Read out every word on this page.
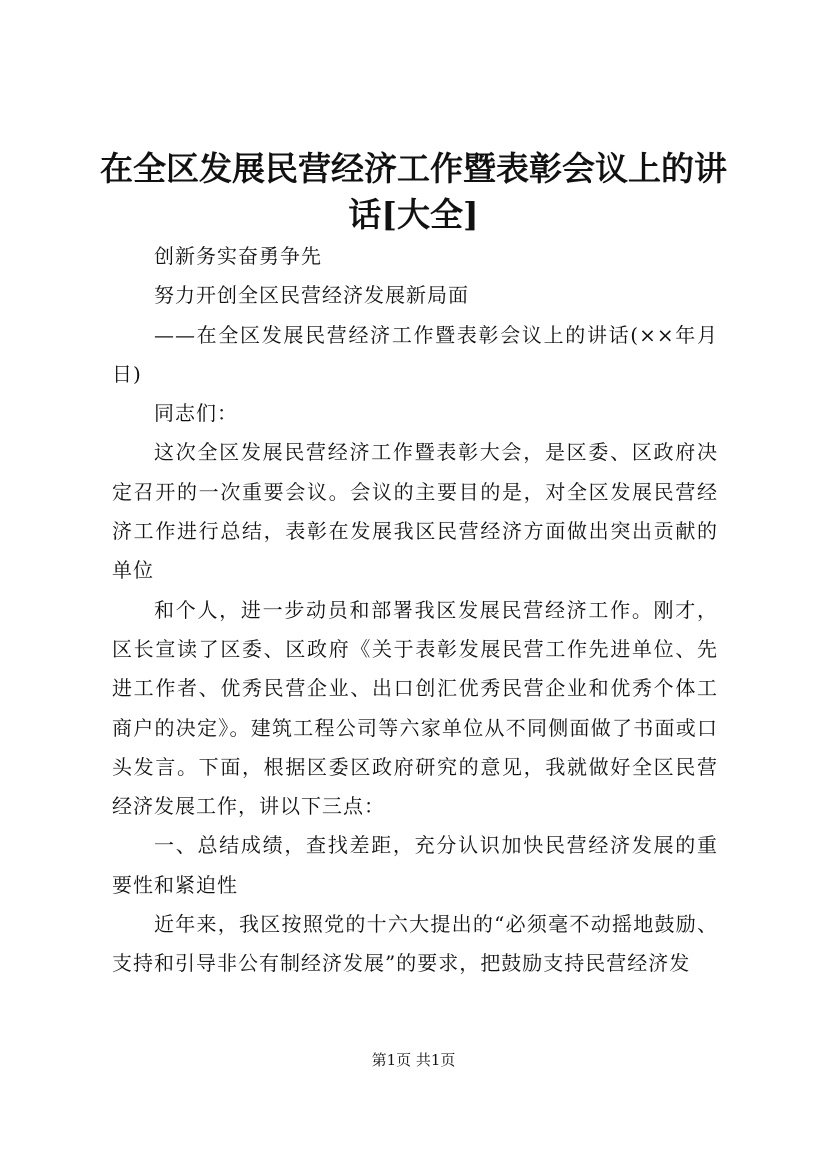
在全区发展民营经济工作暨表彰会议上的讲话[大全]

创新务实奋勇争先

努力开创全区民营经济发展新局面

——在全区发展民营经济工作暨表彰会议上的讲话(××年月日)

同志们：

这次全区发展民营经济工作暨表彰大会，是区委、区政府决定召开的一次重要会议。会议的主要目的是，对全区发展民营经济工作进行总结，表彰在发展我区民营经济方面做出突出贡献的单位

和个人，进一步动员和部署我区发展民营经济工作。刚才，区长宣读了区委、区政府《关于表彰发展民营工作先进单位、先进工作者、优秀民营企业、出口创汇优秀民营企业和优秀个体工商户的决定》。建筑工程公司等六家单位从不同侧面做了书面或口头发言。下面，根据区委区政府研究的意见，我就做好全区民营经济发展工作，讲以下三点：

一、总结成绩，查找差距，充分认识加快民营经济发展的重要性和紧迫性

近年来，我区按照党的十六大提出的“必须毫不动摇地鼓励、支持和引导非公有制经济发展”的要求，把鼓励支持民营经济发

第1页 共1页
